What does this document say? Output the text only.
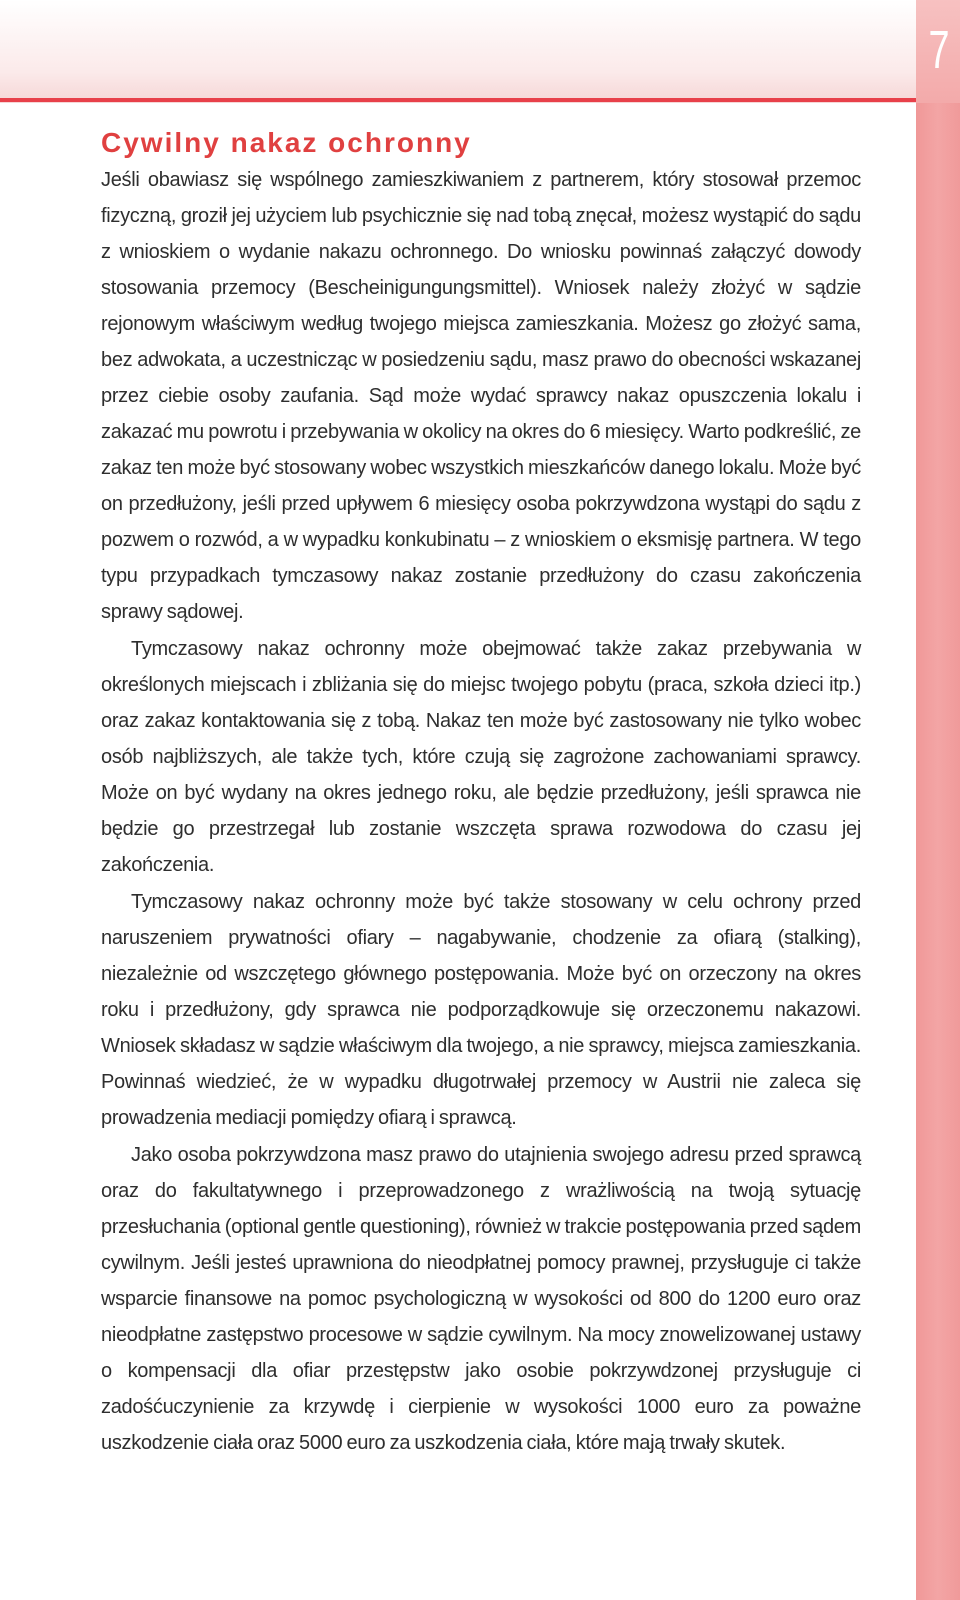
7
Cywilny nakaz ochronny

Jeśli obawiasz się wspólnego zamieszkiwaniem z partnerem, który stosował przemoc fizyczną, groził jej użyciem lub psychicznie się nad tobą znęcał, możesz wystąpić do sądu z wnioskiem o wydanie nakazu ochronnego. Do wniosku powinnaś załączyć dowody stosowania przemocy (Bescheinigungungsmittel). Wniosek należy złożyć w sądzie rejonowym właściwym według twojego miejsca zamieszkania. Możesz go złożyć sama, bez adwokata, a uczestnicząc w posiedzeniu sądu, masz prawo do obecności wskazanej przez ciebie osoby zaufania. Sąd może wydać sprawcy nakaz opuszczenia lokalu i zakazać mu powrotu i przebywania w okolicy na okres do 6 miesięcy. Warto podkreślić, ze zakaz ten może być stosowany wobec wszystkich mieszkańców danego lokalu. Może być on przedłużony, jeśli przed upływem 6 miesięcy osoba pokrzywdzona wystąpi do sądu z pozwem o rozwód, a w wypadku konkubinatu – z wnioskiem o eksmisję partnera. W tego typu przypadkach tymczasowy nakaz zostanie przedłużony do czasu zakończenia sprawy sądowej.

Tymczasowy nakaz ochronny może obejmować także zakaz przebywania w określonych miejscach i zbliżania się do miejsc twojego pobytu (praca, szkoła dzieci itp.) oraz zakaz kontaktowania się z tobą. Nakaz ten może być zastosowany nie tylko wobec osób najbliższych, ale także tych, które czują się zagrożone zachowaniami sprawcy. Może on być wydany na okres jednego roku, ale będzie przedłużony, jeśli sprawca nie będzie go przestrzegał lub zostanie wszczęta sprawa rozwodowa do czasu jej zakończenia.

Tymczasowy nakaz ochronny może być także stosowany w celu ochrony przed naruszeniem prywatności ofiary – nagabywanie, chodzenie za ofiarą (stalking), niezależnie od wszczętego głównego postępowania. Może być on orzeczony na okres roku i przedłużony, gdy sprawca nie podporządkowuje się orzeczonemu nakazowi. Wniosek składasz w sądzie właściwym dla twojego, a nie sprawcy, miejsca zamieszkania. Powinnaś wiedzieć, że w wypadku długotrwałej przemocy w Austrii nie zaleca się prowadzenia mediacji pomiędzy ofiarą i sprawcą.

Jako osoba pokrzywdzona masz prawo do utajnienia swojego adresu przed sprawcą oraz do fakultatywnego i przeprowadzonego z wrażliwością na twoją sytuację przesłuchania (optional gentle questioning), również w trakcie postępowania przed sądem cywilnym. Jeśli jesteś uprawniona do nieodpłatnej pomocy prawnej, przysługuje ci także wsparcie finansowe na pomoc psychologiczną w wysokości od 800 do 1200 euro oraz nieodpłatne zastępstwo procesowe w sądzie cywilnym. Na mocy znowelizowanej ustawy o kompensacji dla ofiar przestępstw jako osobie pokrzywdzonej przysługuje ci zadośćuczynienie za krzywdę i cierpienie w wysokości 1000 euro za poważne uszkodzenie ciała oraz 5000 euro za uszkodzenia ciała, które mają trwały skutek.
